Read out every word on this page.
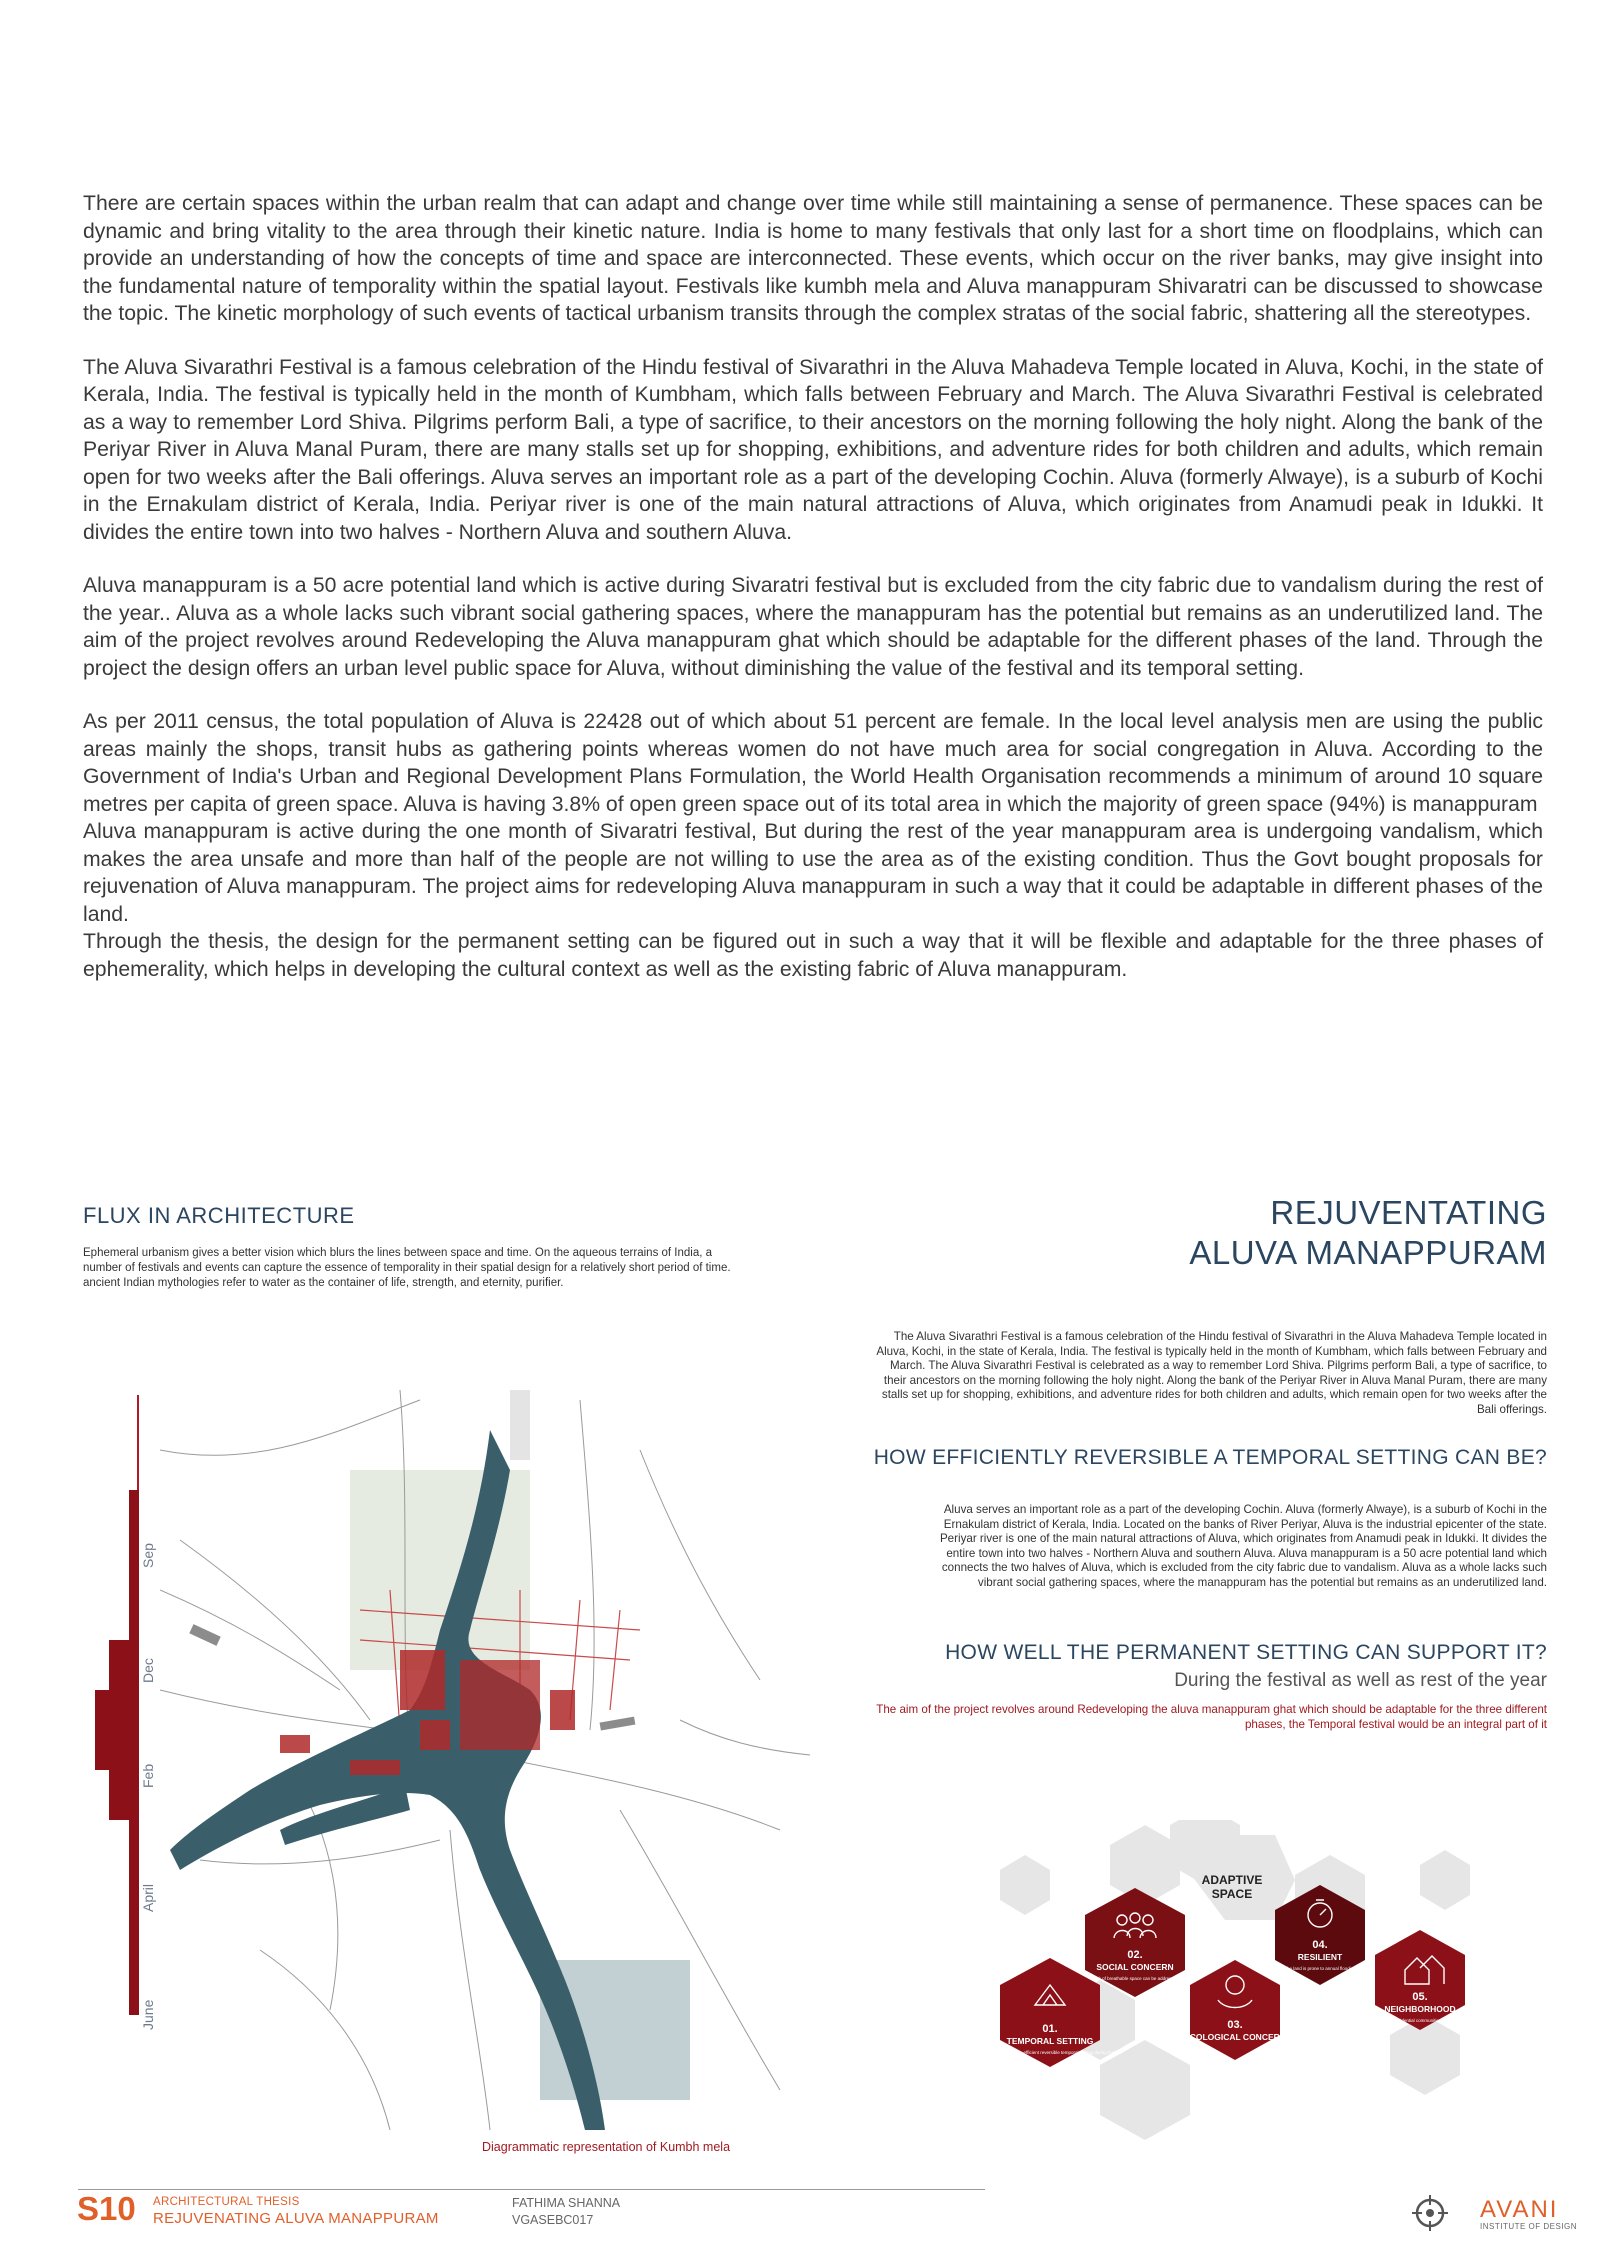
There are certain spaces within the urban realm that can adapt and change over time while still maintaining a sense of permanence. These spaces can be dynamic and bring vitality to the area through their kinetic nature. India is home to many festivals that only last for a short time on floodplains, which can provide an understanding of how the concepts of time and space are interconnected. These events, which occur on the river banks, may give insight into the fundamental nature of temporality within the spatial layout. Festivals like kumbh mela and Aluva manappuram Shivaratri can be discussed to showcase the topic. The kinetic morphology of such events of tactical urbanism transits through the complex stratas of the social fabric, shattering all the stereotypes.

The Aluva Sivarathri Festival is a famous celebration of the Hindu festival of Sivarathri in the Aluva Mahadeva Temple located in Aluva, Kochi, in the state of Kerala, India. The festival is typically held in the month of Kumbham, which falls between February and March. The Aluva Sivarathri Festival is celebrated as a way to remember Lord Shiva. Pilgrims perform Bali, a type of sacrifice, to their ancestors on the morning following the holy night. Along the bank of the Periyar River in Aluva Manal Puram, there are many stalls set up for shopping, exhibitions, and adventure rides for both children and adults, which remain open for two weeks after the Bali offerings. Aluva serves an important role as a part of the developing Cochin. Aluva (formerly Alwaye), is a suburb of Kochi in the Ernakulam district of Kerala, India. Periyar river is one of the main natural attractions of Aluva, which originates from Anamudi peak in Idukki. It divides the entire town into two halves - Northern Aluva and southern Aluva.

Aluva manappuram is a 50 acre potential land which is active during Sivaratri festival but is excluded from the city fabric due to vandalism during the rest of the year.. Aluva as a whole lacks such vibrant social gathering spaces, where the manappuram has the potential but remains as an underutilized land. The aim of the project revolves around Redeveloping the Aluva manappuram ghat which should be adaptable for the different phases of the land. Through the project the design offers an urban level public space for Aluva, without diminishing the value of the festival and its temporal setting.

As per 2011 census, the total population of Aluva is 22428 out of which about 51 percent are female. In the local level analysis men are using the public areas mainly the shops, transit hubs as gathering points whereas women do not have much area for social congregation in Aluva. According to the Government of India's Urban and Regional Development Plans Formulation, the World Health Organisation recommends a minimum of around 10 square metres per capita of green space. Aluva is having 3.8% of open green space out of its total area in which the majority of green space (94%) is manappuram

Aluva manappuram is active during the one month of Sivaratri festival, But during the rest of the year manappuram area is undergoing vandalism, which makes the area unsafe and more than half of the people are not willing to use the area as of the existing condition. Thus the Govt bought proposals for rejuvenation of Aluva manappuram. The project aims for redeveloping Aluva manappuram in such a way that it could be adaptable in different phases of the land.

Through the thesis, the design for the permanent setting can be figured out in such a way that it will be flexible and adaptable for the three phases of ephemerality, which helps in developing the cultural context as well as the existing fabric of Aluva manappuram.

FLUX IN ARCHITECTURE
Ephemeral urbanism gives a better vision which blurs the lines between space and time. On the aqueous terrains of India, a number of festivals and events can capture the essence of temporality in their spatial design for a relatively short period of time. ancient Indian mythologies refer to water as the container of life, strength, and eternity, purifier.
REJUVENTATING
ALUVA MANAPPURAM
The Aluva Sivarathri Festival is a famous celebration of the Hindu festival of Sivarathri in the Aluva Mahadeva Temple located in Aluva, Kochi, in the state of Kerala, India. The festival is typically held in the month of Kumbham, which falls between February and March. The Aluva Sivarathri Festival is celebrated as a way to remember Lord Shiva. Pilgrims perform Bali, a type of sacrifice, to their ancestors on the morning following the holy night. Along the bank of the Periyar River in Aluva Manal Puram, there are many stalls set up for shopping, exhibitions, and adventure rides for both children and adults, which remain open for two weeks after the Bali offerings.
HOW EFFICIENTLY REVERSIBLE A TEMPORAL SETTING CAN BE?
Aluva serves an important role as a part of the developing Cochin. Aluva (formerly Alwaye), is a suburb of Kochi in the Ernakulam district of Kerala, India. Located on the banks of River Periyar, Aluva is the industrial epicenter of the state. Periyar river is one of the main natural attractions of Aluva, which originates from Anamudi peak in Idukki. It divides the entire town into two halves - Northern Aluva and southern Aluva. Aluva manappuram is a 50 acre potential land which connects the two halves of Aluva, which is excluded from the city fabric due to vandalism. Aluva as a whole lacks such vibrant social gathering spaces, where the manappuram has the potential but remains as an underutilized land.
HOW WELL THE PERMANENT SETTING CAN SUPPORT IT?
During the festival as well as rest of the year
The aim of the project revolves around Redeveloping the aluva manappuram ghat which should be adaptable for the three different phases, the Temporal festival would be an integral part of it
Sep
Dec
Feb
April
June
Diagrammatic representation of Kumbh mela
ADAPTIVE
SPACE
01.
TEMPORAL SETTING
02.
SOCIAL CONCERN
03.
ECOLOGICAL CONCERN
04.
RESILIENT
05.
NEIGHBORHOOD
The adaptability of the efficient reversible temporal setting during festival
Lack of breathable space can be addressed
The land is prone to annual flooding
The neighborhood residential communities shouldn't be affected
S10 ARCHITECTURAL THESIS
REJUVENATING ALUVA MANAPPURAM
FATHIMA SHANNA
VGASEBC017	AVANI
INSTITUTE OF DESIGN
